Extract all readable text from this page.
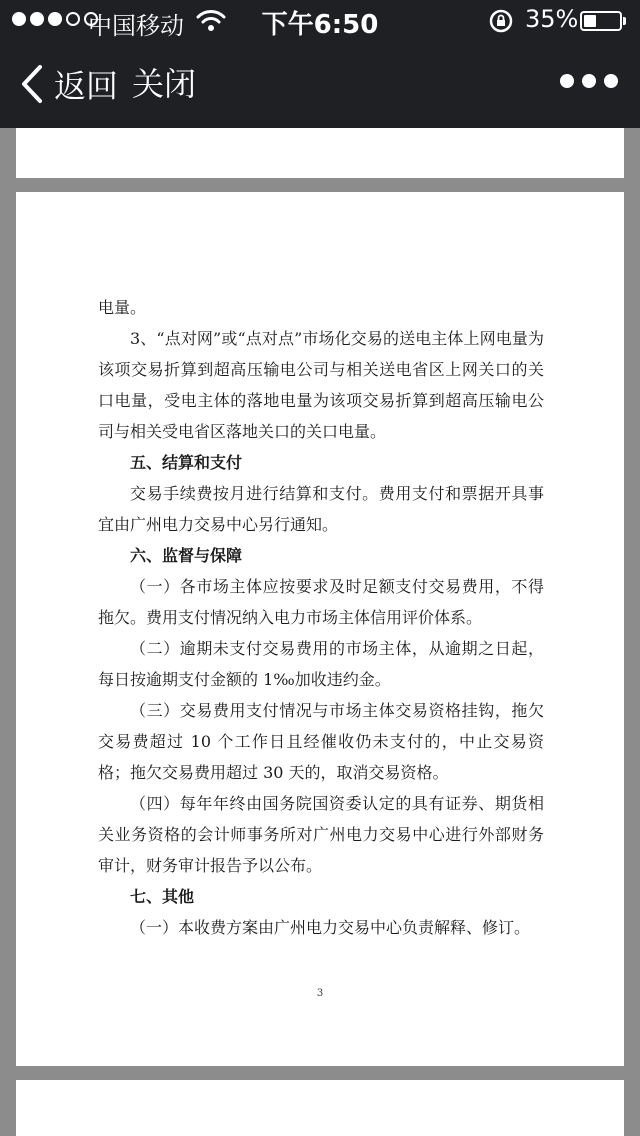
中国移动	下午6:50	35%
返回 关闭

电量。

3、“点对网”或“点对点”市场化交易的送电主体上网电量为该项交易折算到超高压输电公司与相关送电省区上网关口的关口电量，受电主体的落地电量为该项交易折算到超高压输电公司与相关受电省区落地关口的关口电量。

五、结算和支付

交易手续费按月进行结算和支付。费用支付和票据开具事宜由广州电力交易中心另行通知。

六、监督与保障

（一）各市场主体应按要求及时足额支付交易费用，不得拖欠。费用支付情况纳入电力市场主体信用评价体系。

（二）逾期未支付交易费用的市场主体，从逾期之日起，每日按逾期支付金额的 1‰加收违约金。

（三）交易费用支付情况与市场主体交易资格挂钩，拖欠交易费超过 10 个工作日且经催收仍未支付的，中止交易资格；拖欠交易费用超过 30 天的，取消交易资格。

（四）每年年终由国务院国资委认定的具有证券、期货相关业务资格的会计师事务所对广州电力交易中心进行外部财务审计，财务审计报告予以公布。

七、其他

（一）本收费方案由广州电力交易中心负责解释、修订。

3
